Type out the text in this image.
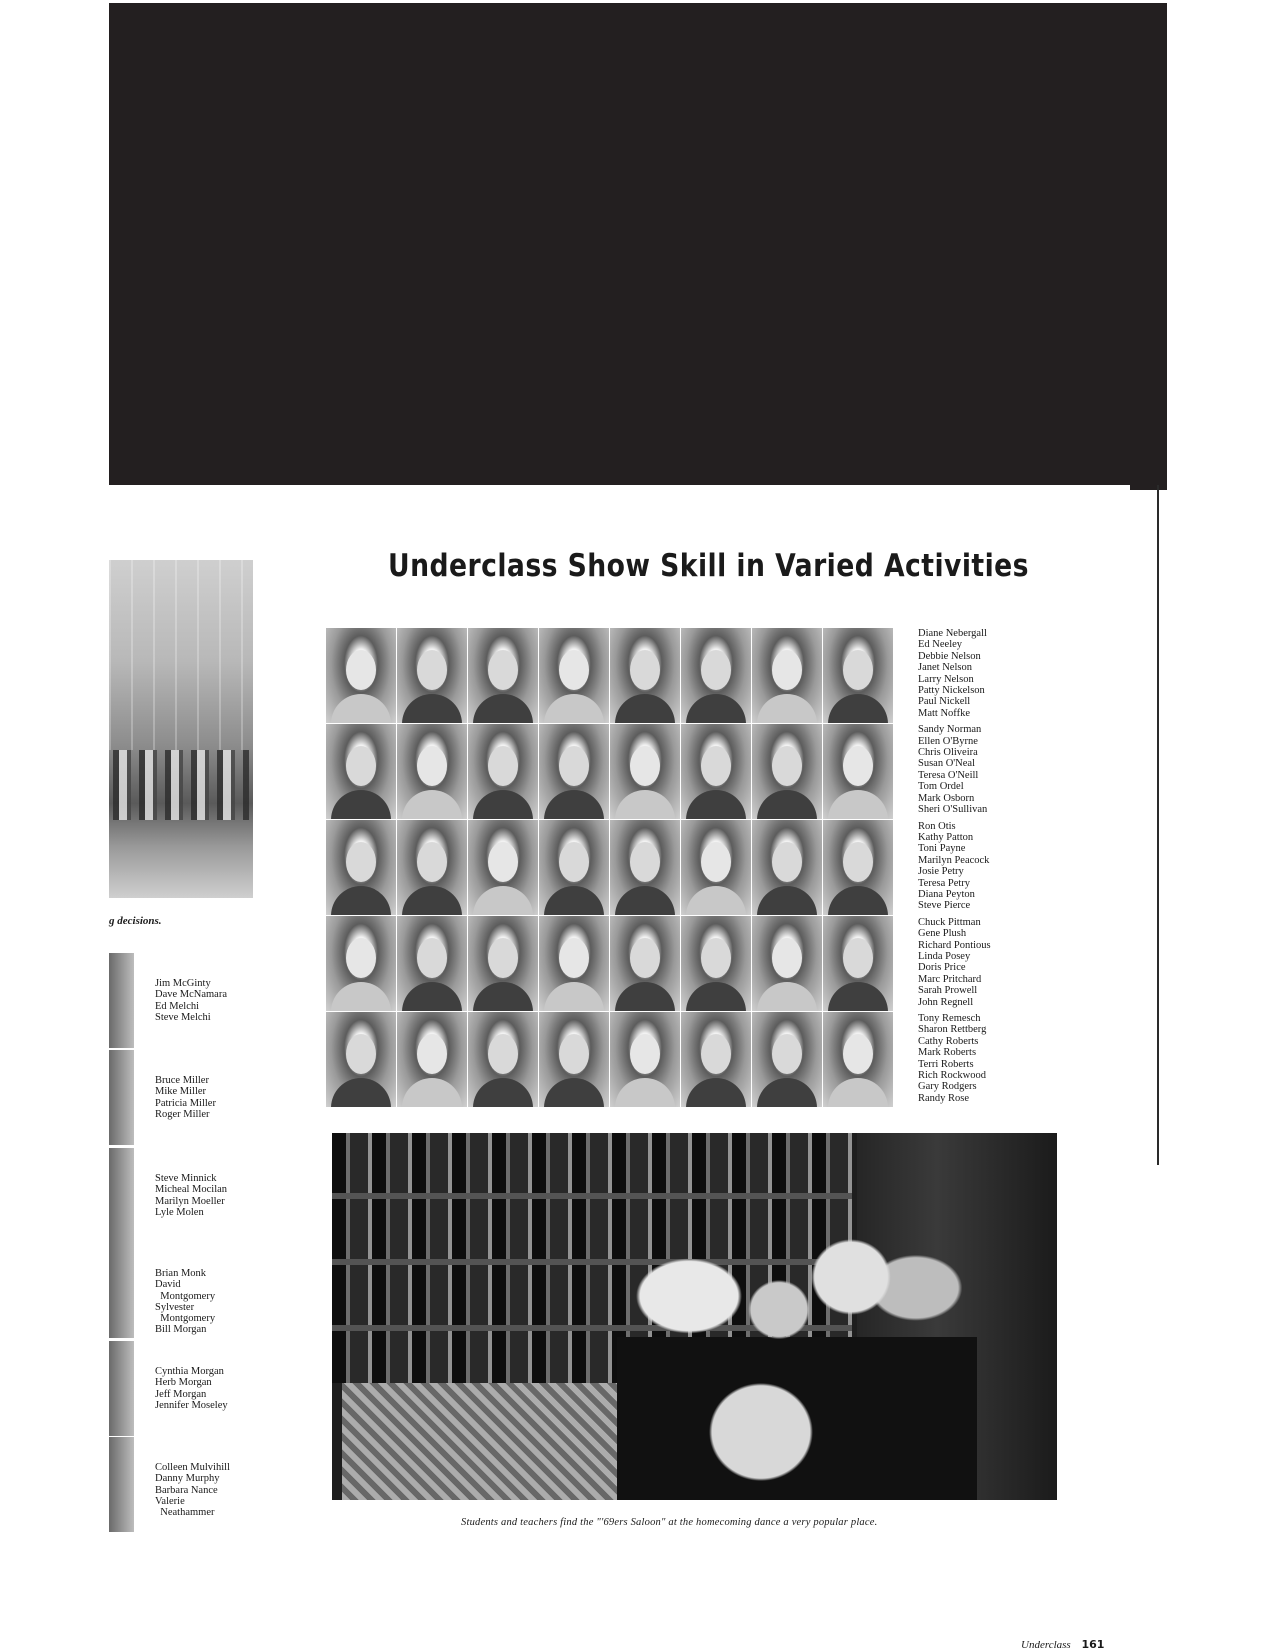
g decisions.
Jim McGinty
Dave McNamara
Ed Melchi
Steve Melchi
Bruce Miller
Mike Miller
Patricia Miller
Roger Miller
Steve Minnick
Micheal Mocilan
Marilyn Moeller
Lyle Molen
Brian Monk
David
Montgomery
Sylvester
Montgomery
Bill Morgan
Cynthia Morgan
Herb Morgan
Jeff Morgan
Jennifer Moseley
Colleen Mulvihill
Danny Murphy
Barbara Nance
Valerie
Neathammer
Underclass Show Skill in Varied Activities
Diane Nebergall
Ed Neeley
Debbie Nelson
Janet Nelson
Larry Nelson
Patty Nickelson
Paul Nickell
Matt Noffke
Sandy Norman
Ellen O'Byrne
Chris Oliveira
Susan O'Neal
Teresa O'Neill
Tom Ordel
Mark Osborn
Sheri O'Sullivan
Ron Otis
Kathy Patton
Toni Payne
Marilyn Peacock
Josie Petry
Teresa Petry
Diana Peyton
Steve Pierce
Chuck Pittman
Gene Plush
Richard Pontious
Linda Posey
Doris Price
Marc Pritchard
Sarah Prowell
John Regnell
Tony Remesch
Sharon Rettberg
Cathy Roberts
Mark Roberts
Terri Roberts
Rich Rockwood
Gary Rodgers
Randy Rose
Students and teachers find the "'69ers Saloon" at the homecoming dance a very popular place.
Underclass 161
